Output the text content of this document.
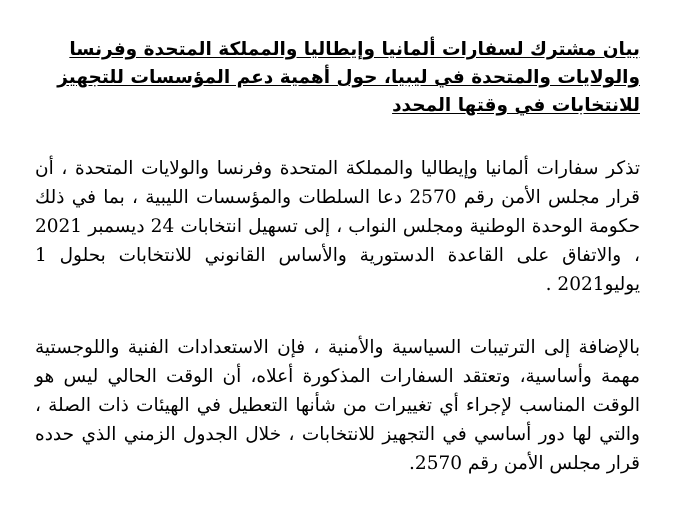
بيان مشترك لسفارات ألمانيا وإيطاليا والمملكة المتحدة وفرنسا والولايات والمتحدة في ليبيا، حول أهمية دعم المؤسسات للتجهيز للانتخابات في وقتها المحدد

تذكر سفارات ألمانيا وإيطاليا والمملكة المتحدة وفرنسا والولايات المتحدة ، أن قرار مجلس الأمن رقم 2570 دعا السلطات والمؤسسات الليبية ، بما في ذلك حكومة الوحدة الوطنية ومجلس النواب ، إلى تسهيل انتخابات 24 ديسمبر 2021 ، والاتفاق على القاعدة الدستورية والأساس القانوني للانتخابات بحلول 1 يوليو2021 .

بالإضافة إلى الترتيبات السياسية والأمنية ، فإن الاستعدادات الفنية واللوجستية مهمة وأساسية، وتعتقد السفارات المذكورة أعلاه، أن الوقت الحالي ليس هو الوقت المناسب لإجراء أي تغييرات من شأنها التعطيل في الهيئات ذات الصلة ، والتي لها دور أساسي في التجهيز للانتخابات ، خلال الجدول الزمني الذي حدده قرار مجلس الأمن رقم 2570.
